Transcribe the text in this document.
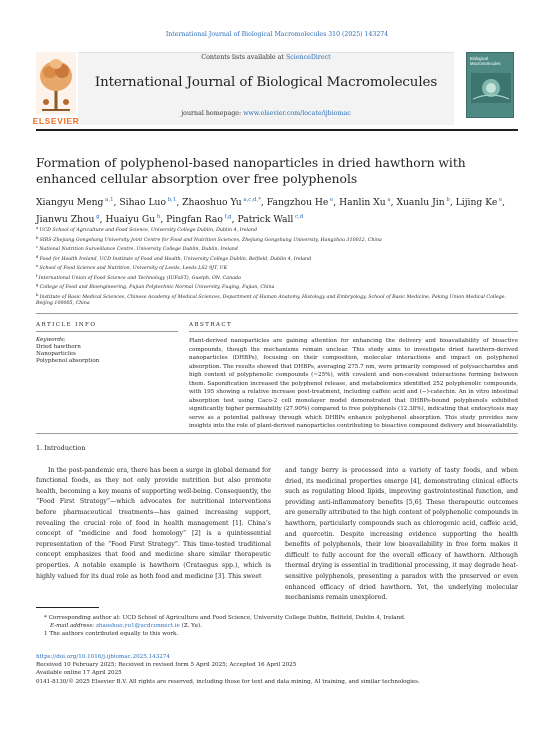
International Journal of Biological Macromolecules 310 (2025) 143274
Contents lists available at ScienceDirect
International Journal of Biological Macromolecules
journal homepage: www.elsevier.com/locate/ijbiomac
ELSEVIER
Biological
Macromolecules
Formation of polyphenol-based nanoparticles in dried hawthorn with enhanced cellular absorption over free polyphenols
Xiangyu Meng $^{a,1}$, Sihao Luo $^{b,1}$, Zhaoshuo Yu $^{a,c,d,*}$, Fangzhou He $^e$, Hanlin Xu $^a$, Xuanlu Jin $^b$, Lijing Ke $^e$, Jianwu Zhou $^g$, Huaiyu Gu $^h$, Pingfan Rao $^{f,g}$, Patrick Wall $^{c,d}$
$^a$ UCD School of Agriculture and Food Science, University College Dublin, Dublin 4, Ireland
$^b$ SIBS-Zhejiang Gongshang University Joint Centre for Food and Nutrition Sciences, Zhejiang Gongshang University, Hangzhou 310012, China
$^c$ National Nutrition Surveillance Centre, University College Dublin, Dublin, Ireland
$^d$ Food for Health Ireland, UCD Institute of Food and Health, University College Dublin, Belfield, Dublin 4, Ireland
$^e$ School of Food Science and Nutrition, University of Leeds, Leeds LS2 9JT, UK
$^f$ International Union of Food Science and Technology (IUFoST), Guelph, ON, Canada
$^g$ College of Food and Bioengineering, Fujian Polytechnic Normal University, Fuqing, Fujian, China
$^h$ Institute of Basic Medical Sciences, Chinese Academy of Medical Sciences, Department of Human Anatomy, Histology and Embryology, School of Basic Medicine, Peking Union Medical College, Beijing 100005, China
ARTICLE INFO	ABSTRACT
Keywords:
Dried hawthorn
Nanoparticles
Polyphenol absorption

Plant-derived nanoparticles are gaining attention for enhancing the delivery and bioavailability of bioactive compounds, though the mechanisms remain unclear. This study aims to investigate dried hawthorn-derived nanoparticles (DHBPs), focusing on their composition, molecular interactions and impact on polyphenol absorption. The results showed that DHBPs, averaging 275.7 nm, were primarily composed of polysaccharides and high content of polyphenolic compounds (~25%), with covalent and non-covalent interactions forming between them. Saponification increased the polyphenol release, and metabolomics identified 252 polyphenolic compounds, with 195 showing a relative increase post-treatment, including caffeic acid and (−)-catechin. An in vitro intestinal absorption test using Caco-2 cell monolayer model demonstrated that DHBPs-bound polyphenols exhibited significantly higher permeability (27.90%) compared to free polyphenols (12.38%), indicating that endocytosis may serve as a potential pathway through which DHBPs enhance polyphenol absorption. This study provides new insights into the role of plant-derived nanoparticles contributing to bioactive compound delivery and bioavailability.

1. Introduction

In the post-pandemic era, there has been a surge in global demand for functional foods, as they not only provide nutrition but also promote health, becoming a key means of supporting well-being. Consequently, the “Food First Strategy”—which advocates for nutritional interventions before pharmaceutical treatments—has gained increasing support, revealing the crucial role of food in health management [1]. China’s concept of “medicine and food homology” [2] is a quintessential representation of the “Food First Strategy”. This time-tested traditional concept emphasizes that food and medicine share similar therapeutic properties. A notable example is hawthorn (Crataegus spp.), which is highly valued for its dual role as both food and medicine [3]. This sweet

and tangy berry is processed into a variety of tasty foods, and when dried, its medicinal properties emerge [4], demonstrating clinical effects such as regulating blood lipids, improving gastrointestinal function, and providing anti-inflammatory benefits [5,6]. These therapeutic outcomes are generally attributed to the high content of polyphenolic compounds in hawthorn, particularly compounds such as chlorogenic acid, caffeic acid, and quercetin. Despite increasing evidence supporting the health benefits of polyphenols, their low bioavailability in free form makes it difficult to fully account for the overall efficacy of hawthorn. Although thermal drying is essential in traditional processing, it may degrade heat-sensitive polyphenols, presenting a paradox with the preserved or even enhanced efficacy of dried hawthorn. Yet, the underlying molecular mechanisms remain unexplored.

* Corresponding author at: UCD School of Agriculture and Food Science, University College Dublin, Belfield, Dublin 4, Ireland.
E-mail address: zhaoshuo.yu1@ucdconnect.ie (Z. Yu).
1 The authors contributed equally to this work.
https://doi.org/10.1016/j.ijbiomac.2025.143274
Received 10 February 2025; Received in revised form 5 April 2025; Accepted 16 April 2025
Available online 17 April 2025
0141-8130/© 2025 Elsevier B.V. All rights are reserved, including those for text and data mining, AI training, and similar technologies.
